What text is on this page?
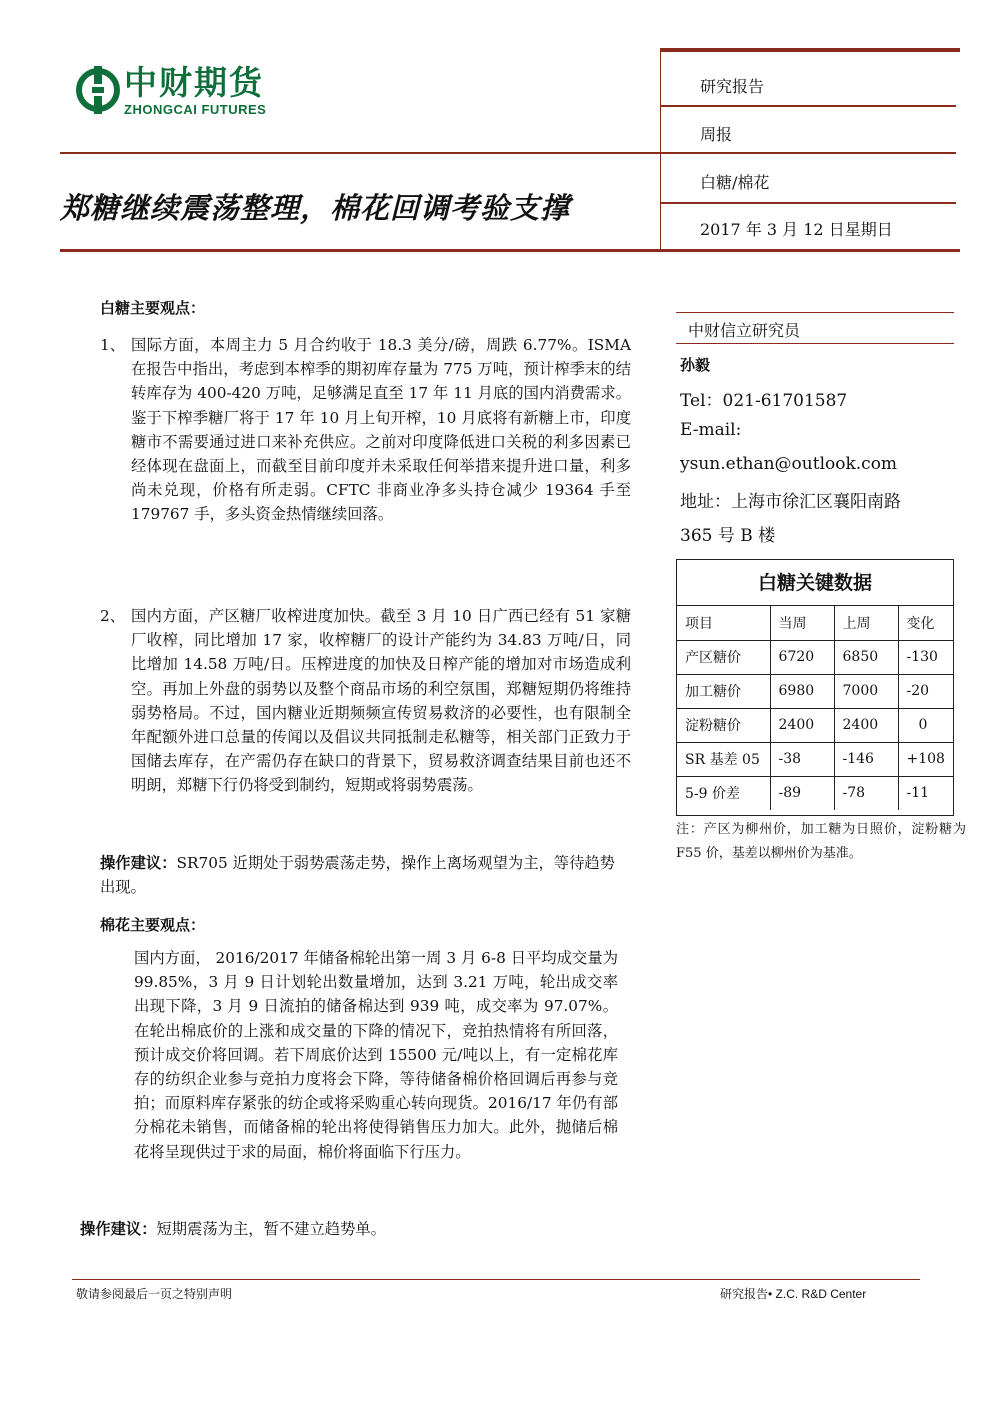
中财期货
ZHONGCAI FUTURES
郑糖继续震荡整理，棉花回调考验支撑
研究报告
周报
白糖/棉花
2017 年 3 月 12 日星期日
白糖主要观点：
1、 国际方面，本周主力 5 月合约收于 18.3 美分/磅，周跌 6.77%。ISMA 在报告中指出，考虑到本榨季的期初库存量为 775 万吨，预计榨季末的结转库存为 400-420 万吨，足够满足直至 17 年 11 月底的国内消费需求。鉴于下榨季糖厂将于 17 年 10 月上旬开榨，10 月底将有新糖上市，印度糖市不需要通过进口来补充供应。之前对印度降低进口关税的利多因素已经体现在盘面上，而截至目前印度并未采取任何举措来提升进口量，利多尚未兑现，价格有所走弱。CFTC 非商业净多头持仓减少 19364 手至 179767 手，多头资金热情继续回落。
2、 国内方面，产区糖厂收榨进度加快。截至 3 月 10 日广西已经有 51 家糖厂收榨，同比增加 17 家，收榨糖厂的设计产能约为 34.83 万吨/日，同比增加 14.58 万吨/日。压榨进度的加快及日榨产能的增加对市场造成利空。再加上外盘的弱势以及整个商品市场的利空氛围，郑糖短期仍将维持弱势格局。不过，国内糖业近期频频宣传贸易救济的必要性，也有限制全年配额外进口总量的传闻以及倡议共同抵制走私糖等，相关部门正致力于国储去库存，在产需仍存在缺口的背景下，贸易救济调查结果目前也还不明朗，郑糖下行仍将受到制约，短期或将弱势震荡。
操作建议：SR705 近期处于弱势震荡走势，操作上离场观望为主，等待趋势出现。
棉花主要观点：
国内方面， 2016/2017 年储备棉轮出第一周 3 月 6-8 日平均成交量为 99.85%，3 月 9 日计划轮出数量增加，达到 3.21 万吨，轮出成交率出现下降，3 月 9 日流拍的储备棉达到 939 吨，成交率为 97.07%。在轮出棉底价的上涨和成交量的下降的情况下，竞拍热情将有所回落，预计成交价将回调。若下周底价达到 15500 元/吨以上，有一定棉花库存的纺织企业参与竞拍力度将会下降，等待储备棉价格回调后再参与竞拍；而原料库存紧张的纺企或将采购重心转向现货。2016/17 年仍有部分棉花未销售，而储备棉的轮出将使得销售压力加大。此外，抛储后棉花将呈现供过于求的局面，棉价将面临下行压力。
操作建议：短期震荡为主，暂不建立趋势单。
中财信立研究员
孙毅
Tel：021-61701587
E-mail:
ysun.ethan@outlook.com
地址：上海市徐汇区襄阳南路
365 号 B 楼
白糖关键数据
项目	当周	上周	变化
产区糖价	6720	6850	-130
加工糖价	6980	7000	-20
淀粉糖价	2400	2400	0
SR 基差 05	-38	-146	+108
5-9 价差	-89	-78	-11
注：产区为柳州价，加工糖为日照价，淀粉糖为 F55 价，基差以柳州价为基准。
敬请参阅最后一页之特别声明	研究报告• Z.C. R&D Center
